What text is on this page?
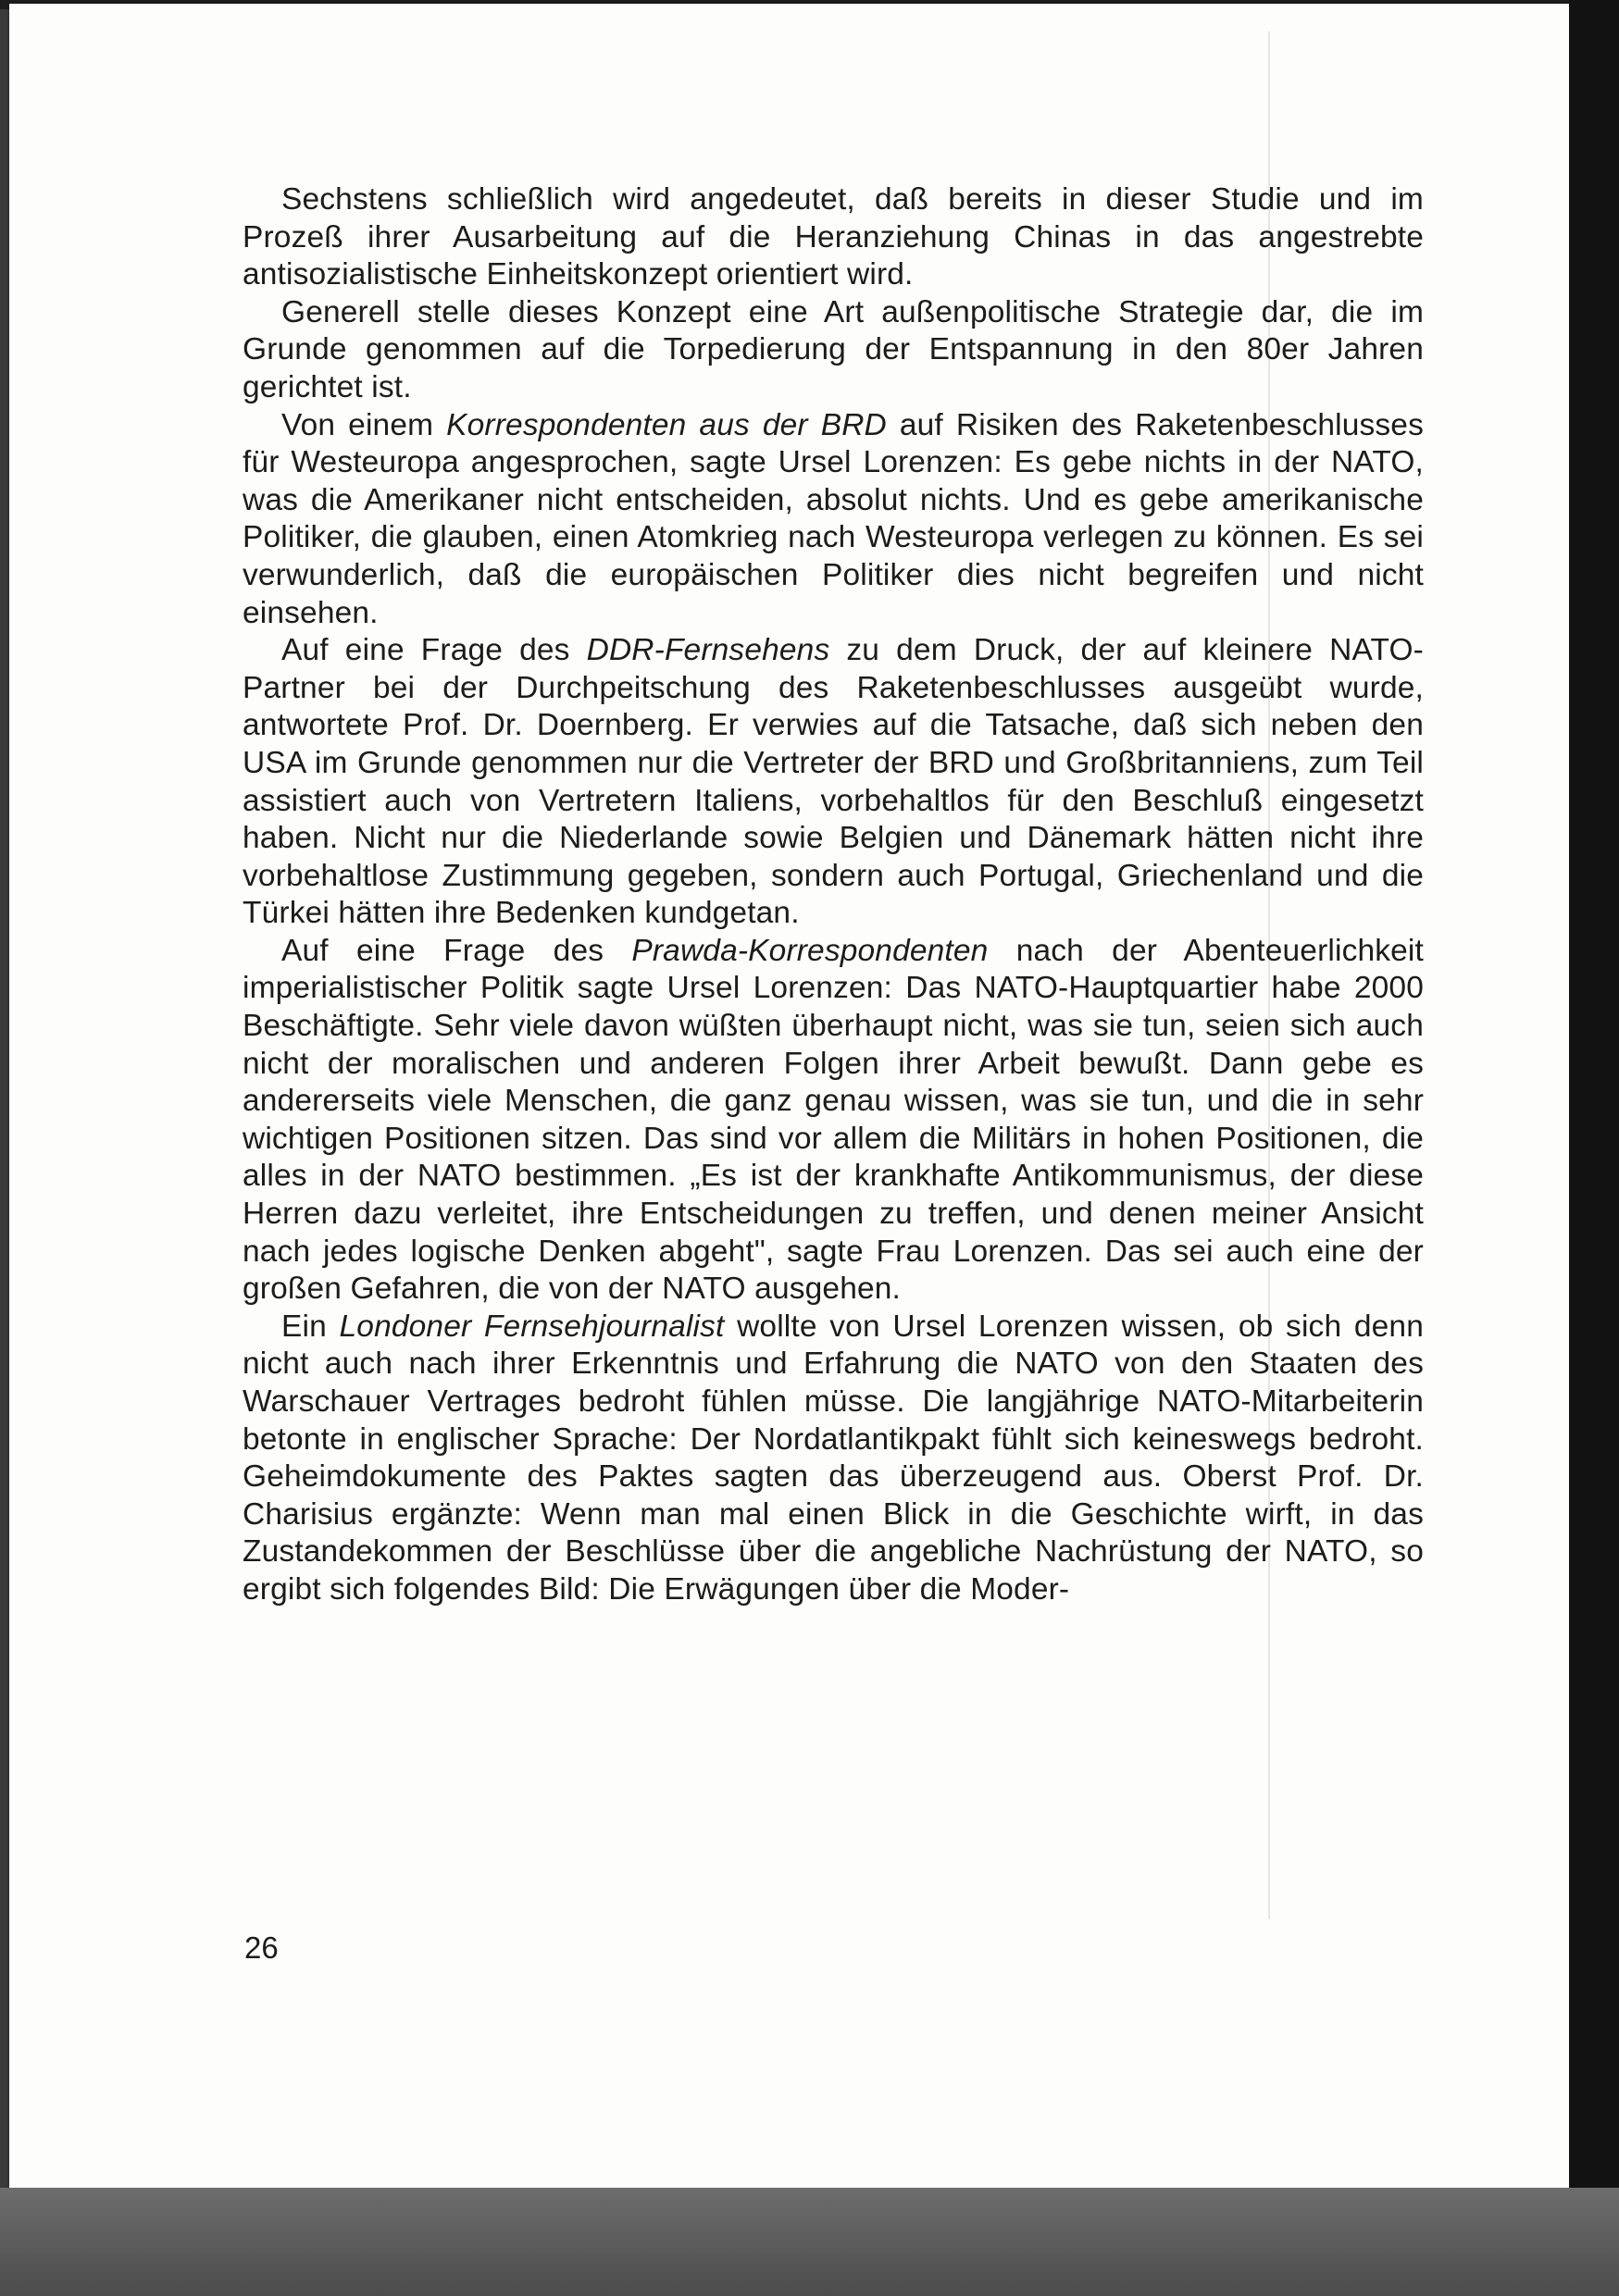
Sechstens schließlich wird angedeutet, daß bereits in dieser Studie und im Prozeß ihrer Ausarbeitung auf die Heranziehung Chinas in das angestrebte antisozialistische Einheitskonzept orientiert wird.

Generell stelle dieses Konzept eine Art außenpolitische Strategie dar, die im Grunde genommen auf die Torpedierung der Entspannung in den 80er Jahren gerichtet ist.

Von einem Korrespondenten aus der BRD auf Risiken des Raketenbeschlusses für Westeuropa angesprochen, sagte Ursel Lorenzen: Es gebe nichts in der NATO, was die Amerikaner nicht entscheiden, absolut nichts. Und es gebe amerikanische Politiker, die glauben, einen Atomkrieg nach Westeuropa verlegen zu können. Es sei verwunderlich, daß die europäischen Politiker dies nicht begreifen und nicht einsehen.

Auf eine Frage des DDR-Fernsehens zu dem Druck, der auf kleinere NATO-Partner bei der Durchpeitschung des Raketenbeschlusses ausgeübt wurde, antwortete Prof. Dr. Doernberg. Er verwies auf die Tatsache, daß sich neben den USA im Grunde genommen nur die Vertreter der BRD und Großbritanniens, zum Teil assistiert auch von Vertretern Italiens, vorbehaltlos für den Beschluß eingesetzt haben. Nicht nur die Niederlande sowie Belgien und Dänemark hätten nicht ihre vorbehaltlose Zustimmung gegeben, sondern auch Portugal, Griechenland und die Türkei hätten ihre Bedenken kundgetan.

Auf eine Frage des Prawda-Korrespondenten nach der Abenteuerlichkeit imperialistischer Politik sagte Ursel Lorenzen: Das NATO-Hauptquartier habe 2000 Beschäftigte. Sehr viele davon wüßten überhaupt nicht, was sie tun, seien sich auch nicht der moralischen und anderen Folgen ihrer Arbeit bewußt. Dann gebe es andererseits viele Menschen, die ganz genau wissen, was sie tun, und die in sehr wichtigen Positionen sitzen. Das sind vor allem die Militärs in hohen Positionen, die alles in der NATO bestimmen. „Es ist der krankhafte Antikommunismus, der diese Herren dazu verleitet, ihre Entscheidungen zu treffen, und denen meiner Ansicht nach jedes logische Denken abgeht", sagte Frau Lorenzen. Das sei auch eine der großen Gefahren, die von der NATO ausgehen.

Ein Londoner Fernsehjournalist wollte von Ursel Lorenzen wissen, ob sich denn nicht auch nach ihrer Erkenntnis und Erfahrung die NATO von den Staaten des Warschauer Vertrages bedroht fühlen müsse. Die langjährige NATO-Mitarbeiterin betonte in englischer Sprache: Der Nordatlantikpakt fühlt sich keineswegs bedroht. Geheimdokumente des Paktes sagten das überzeugend aus. Oberst Prof. Dr. Charisius ergänzte: Wenn man mal einen Blick in die Geschichte wirft, in das Zustandekommen der Beschlüsse über die angebliche Nachrüstung der NATO, so ergibt sich folgendes Bild: Die Erwägungen über die Moder-

26
